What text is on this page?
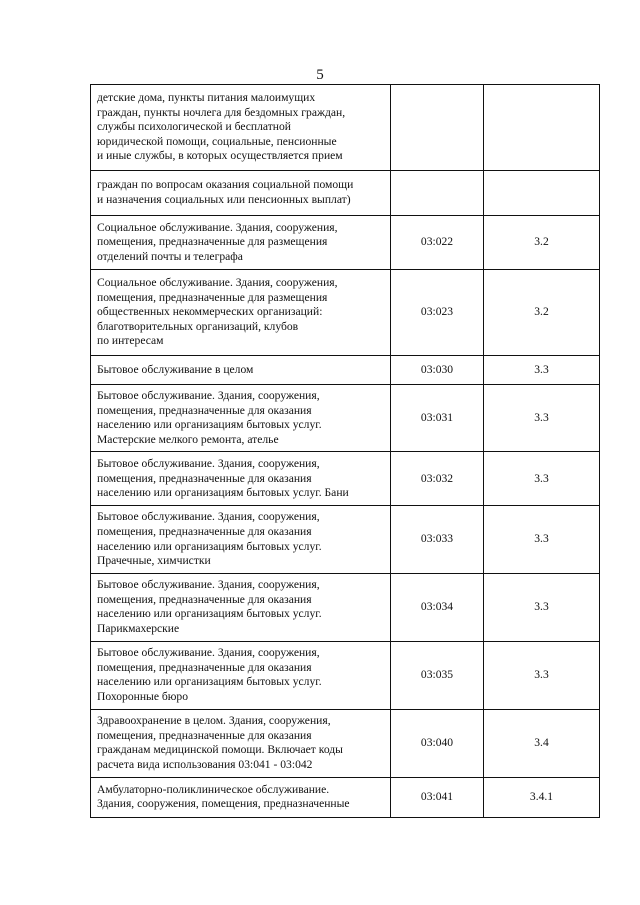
5
детские дома, пункты питания малоимущих
граждан, пункты ночлега для бездомных граждан,
службы психологической и бесплатной
юридической помощи, социальные, пенсионные
и иные службы, в которых осуществляется прием		

граждан по вопросам оказания социальной помощи
и назначения социальных или пенсионных выплат)		

Социальное обслуживание. Здания, сооружения,
помещения, предназначенные для размещения
отделений почты и телеграфа	03:022	3.2

Социальное обслуживание. Здания, сооружения,
помещения, предназначенные для размещения
общественных некоммерческих организаций:
благотворительных организаций, клубов
по интересам	03:023	3.2

Бытовое обслуживание в целом	03:030	3.3

Бытовое обслуживание. Здания, сооружения,
помещения, предназначенные для оказания
населению или организациям бытовых услуг.
Мастерские мелкого ремонта, ателье	03:031	3.3

Бытовое обслуживание. Здания, сооружения,
помещения, предназначенные для оказания
населению или организациям бытовых услуг. Бани	03:032	3.3

Бытовое обслуживание. Здания, сооружения,
помещения, предназначенные для оказания
населению или организациям бытовых услуг.
Прачечные, химчистки	03:033	3.3

Бытовое обслуживание. Здания, сооружения,
помещения, предназначенные для оказания
населению или организациям бытовых услуг.
Парикмахерские	03:034	3.3

Бытовое обслуживание. Здания, сооружения,
помещения, предназначенные для оказания
населению или организациям бытовых услуг.
Похоронные бюро	03:035	3.3

Здравоохранение в целом. Здания, сооружения,
помещения, предназначенные для оказания
гражданам медицинской помощи. Включает коды
расчета вида использования 03:041 - 03:042	03:040	3.4

Амбулаторно-поликлиническое обслуживание.
Здания, сооружения, помещения, предназначенные	03:041	3.4.1
